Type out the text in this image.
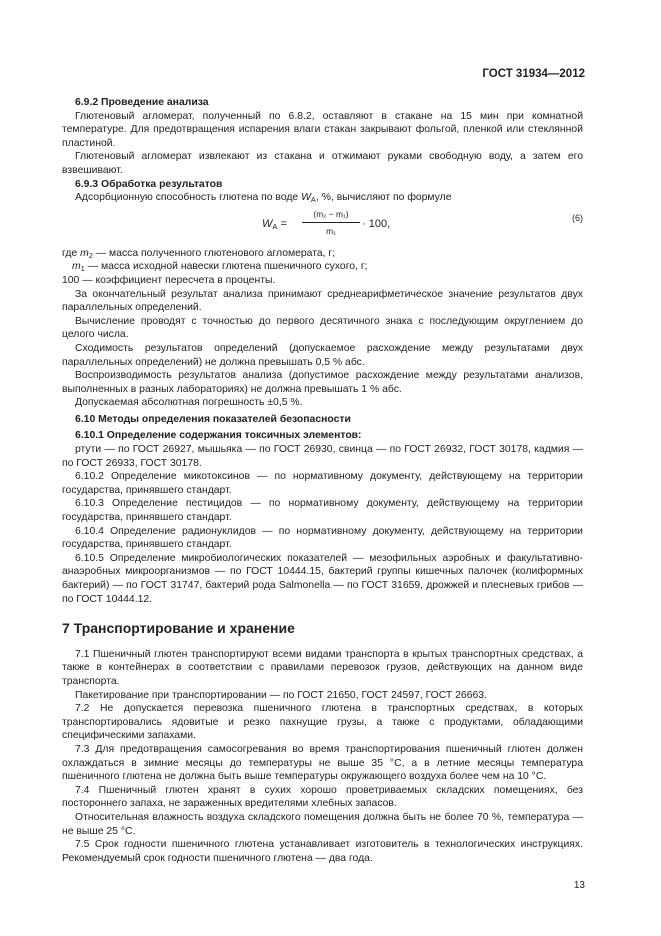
ГОСТ 31934—2012

6.9.2 Проведение анализа

Глютеновый агломерат, полученный по 6.8.2, оставляют в стакане на 15 мин при комнатной температуре. Для предотвращения испарения влаги стакан закрывают фольгой, пленкой или стеклянной пластиной.

Глютеновый агломерат извлекают из стакана и отжимают руками свободную воду, а затем его взвешивают.

6.9.3 Обработка результатов

Адсорбционную способность глютена по воде $W_A$, %, вычисляют по формуле

$W_A = \frac{\text{(m₂ − m₁)}}{\text{m₁}} \cdot 100$,	(6)

где $m_2$ — масса полученного глютенового агломерата, г;

$m_1$ — масса исходной навески глютена пшеничного сухого, г;

100 — коэффициент пересчета в проценты.

За окончательный результат анализа принимают среднеарифметическое значение результатов двух параллельных определений.

Вычисление проводят с точностью до первого десятичного знака с последующим округлением до целого числа.

Сходимость результатов определений (допускаемое расхождение между результатами двух параллельных определений) не должна превышать 0,5 % абс.

Воспроизводимость результатов анализа (допустимое расхождение между результатами анализов, выполненных в разных лабораториях) не должна превышать 1 % абс.

Допускаемая абсолютная погрешность ±0,5 %.

6.10 Методы определения показателей безопасности

6.10.1 Определение содержания токсичных элементов:

ртути — по ГОСТ 26927, мышьяка — по ГОСТ 26930, свинца — по ГОСТ 26932, ГОСТ 30178, кадмия — по ГОСТ 26933, ГОСТ 30178.

6.10.2 Определение микотоксинов — по нормативному документу, действующему на территории государства, принявшего стандарт.

6.10.3 Определение пестицидов — по нормативному документу, действующему на территории государства, принявшего стандарт.

6.10.4 Определение радионуклидов — по нормативному документу, действующему на территории государства, принявшего стандарт.

6.10.5 Определение микробиологических показателей — мезофильных аэробных и факультативно-анаэробных микроорганизмов — по ГОСТ 10444.15, бактерий группы кишечных палочек (колиформных бактерий) — по ГОСТ 31747, бактерий рода Salmonella — по ГОСТ 31659, дрожжей и плесневых грибов — по ГОСТ 10444.12.

7 Транспортирование и хранение

7.1 Пшеничный глютен транспортируют всеми видами транспорта в крытых транспортных средствах, а также в контейнерах в соответствии с правилами перевозок грузов, действующих на данном виде транспорта.

Пакетирование при транспортировании — по ГОСТ 21650, ГОСТ 24597, ГОСТ 26663.

7.2 Не допускается перевозка пшеничного глютена в транспортных средствах, в которых транспортировались ядовитые и резко пахнущие грузы, а также с продуктами, обладающими специфическими запахами.

7.3 Для предотвращения самосогревания во время транспортирования пшеничный глютен должен охлаждаться в зимние месяцы до температуры не выше 35 °С, а в летние месяцы температура пшеничного глютена не должна быть выше температуры окружающего воздуха более чем на 10 °С.

7.4 Пшеничный глютен хранят в сухих хорошо проветриваемых складских помещениях, без постороннего запаха, не зараженных вредителями хлебных запасов.

Относительная влажность воздуха складского помещения должна быть не более 70 %, температура — не выше 25 °С.

7.5 Срок годности пшеничного глютена устанавливает изготовитель в технологических инструкциях. Рекомендуемый срок годности пшеничного глютена — два года.

13
